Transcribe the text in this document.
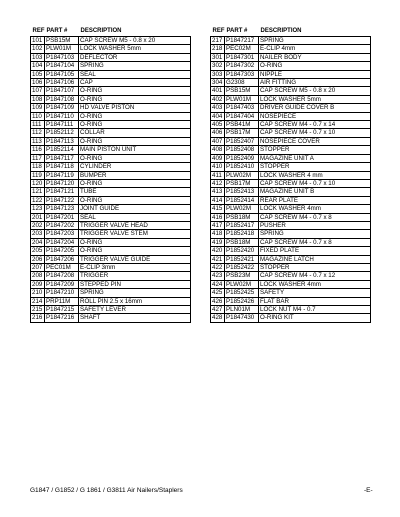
REF	PART #	DESCRIPTION
101	PSB15M	CAP SCREW M5 - 0.8 x 20
102	PLW01M	LOCK WASHER 5mm
103	P1847103	DEFLECTOR
104	P1847104	SPRING
105	P1847105	SEAL
106	P1847106	CAP
107	P1847107	O-RING
108	P1847108	O-RING
109	P1847109	HD VALVE PISTON
110	P1847110	O-RING
111	P1847111	O-RING
112	P1852112	COLLAR
113	P1847113	O-RING
116	P1852114	MAIN PISTON UNIT
117	P1847117	O-RING
118	P1847118	CYLINDER
119	P1847119	BUMPER
120	P1847120	O-RING
121	P1847121	TUBE
122	P1847122	O-RING
123	P1847123	JOINT GUIDE
201	P1847201	SEAL
202	P1847202	TRIGGER VALVE HEAD
203	P1847203	TRIGGER VALVE STEM
204	P1847204	O-RING
205	P1847205	O-RING
206	P1847206	TRIGGER VALVE GUIDE
207	PEC01M	E-CLIP 3mm
208	P1847208	TRIGGER
209	P1847209	STEPPED PIN
210	P1847210	SPRING
214	PRP11M	ROLL PIN 2.5 x 16mm
215	P1847215	SAFETY LEVER
216	P1847216	SHAFT
REF	PART #	DESCRIPTION
217	P1847217	SPRING
218	PEC02M	E-CLIP 4mm
301	P1847301	NAILER BODY
302	P1847302	O-RING
303	P1847303	NIPPLE
304	G2308	AIR FITTING
401	PSB15M	CAP SCREW M5 - 0.8 x 20
402	PLW01M	LOCK WASHER 5mm
403	P1847403	DRIVER GUIDE COVER B
404	P1847404	NOSEPIECE
405	PSB41M	CAP SCREW M4 - 0.7 x 14
406	PSB17M	CAP SCREW M4 - 0.7 x 10
407	P1852407	NOSEPIECE COVER
408	P1852408	STOPPER
409	P1852409	MAGAZINE UNIT A
410	P1852410	STOPPER
411	PLW02M	LOCK WASHER 4 mm
412	PSB17M	CAP SCREW M4 - 0.7 x 10
413	P1852413	MAGAZINE UNIT B
414	P1852414	REAR PLATE
415	PLW02M	LOCK WASHER 4mm
416	PSB18M	CAP SCREW M4 - 0.7 x 8
417	P1852417	PUSHER
418	P1852418	SPRING
419	PSB18M	CAP SCREW M4 - 0.7 x 8
420	P1852420	FIXED PLATE
421	P1852421	MAGAZINE LATCH
422	P1852422	STOPPER
423	PSB23M	CAP SCREW M4 - 0.7 x 12
424	PLW02M	LOCK WASHER 4mm
425	P1852425	SAFETY
426	P1852426	FLAT BAR
427	PLN01M	LOCK NUT M4 - 0.7
428	P1847430	O-RING KIT
G1847 / G1852 / G 1861 / G3811 Air Nailers/Staplers	-E-
